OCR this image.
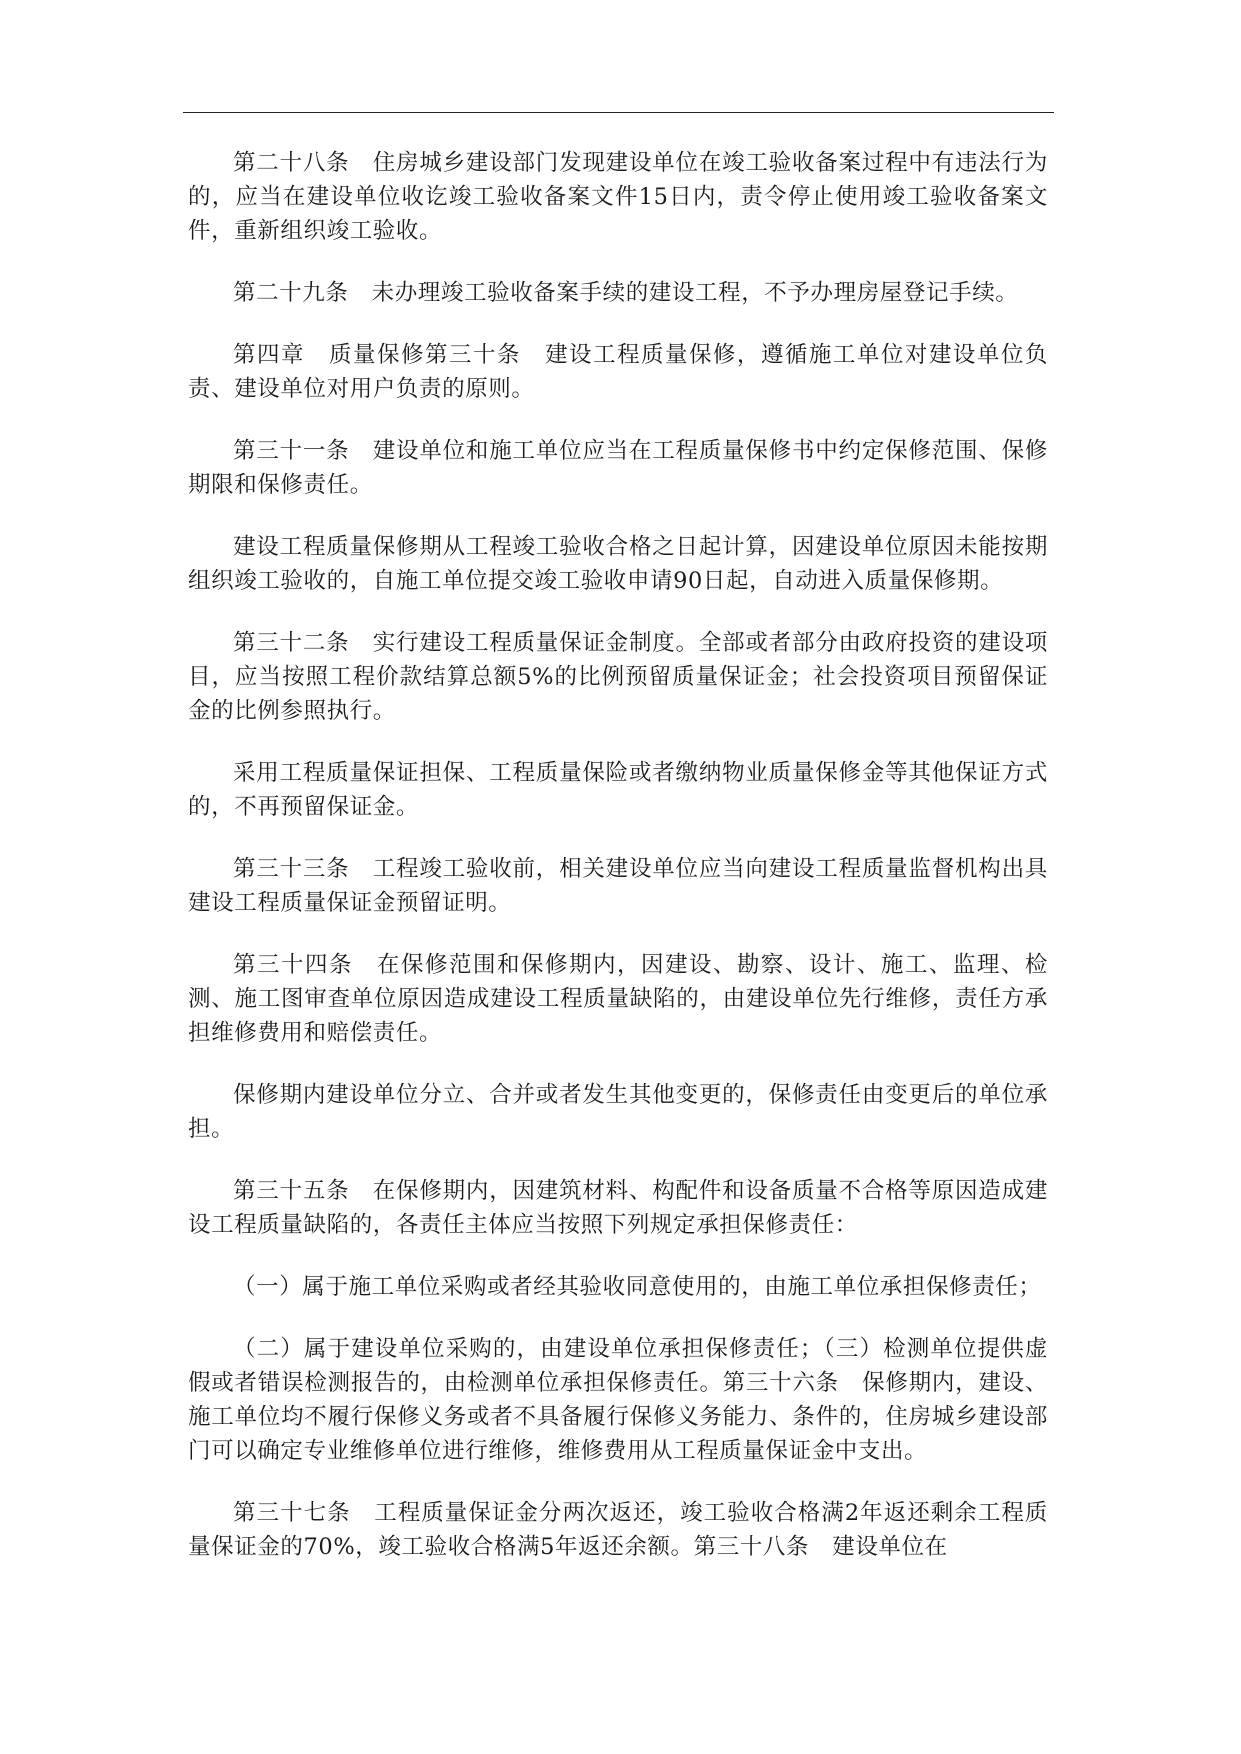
第二十八条　住房城乡建设部门发现建设单位在竣工验收备案过程中有违法行为的，应当在建设单位收讫竣工验收备案文件15日内，责令停止使用竣工验收备案文件，重新组织竣工验收。

第二十九条　未办理竣工验收备案手续的建设工程，不予办理房屋登记手续。

第四章　质量保修第三十条　建设工程质量保修，遵循施工单位对建设单位负责、建设单位对用户负责的原则。

第三十一条　建设单位和施工单位应当在工程质量保修书中约定保修范围、保修期限和保修责任。

建设工程质量保修期从工程竣工验收合格之日起计算，因建设单位原因未能按期组织竣工验收的，自施工单位提交竣工验收申请90日起，自动进入质量保修期。

第三十二条　实行建设工程质量保证金制度。全部或者部分由政府投资的建设项目，应当按照工程价款结算总额5%的比例预留质量保证金；社会投资项目预留保证金的比例参照执行。

采用工程质量保证担保、工程质量保险或者缴纳物业质量保修金等其他保证方式的，不再预留保证金。

第三十三条　工程竣工验收前，相关建设单位应当向建设工程质量监督机构出具建设工程质量保证金预留证明。

第三十四条　在保修范围和保修期内，因建设、勘察、设计、施工、监理、检测、施工图审查单位原因造成建设工程质量缺陷的，由建设单位先行维修，责任方承担维修费用和赔偿责任。

保修期内建设单位分立、合并或者发生其他变更的，保修责任由变更后的单位承担。

第三十五条　在保修期内，因建筑材料、构配件和设备质量不合格等原因造成建设工程质量缺陷的，各责任主体应当按照下列规定承担保修责任：

（一）属于施工单位采购或者经其验收同意使用的，由施工单位承担保修责任；

（二）属于建设单位采购的，由建设单位承担保修责任；（三）检测单位提供虚假或者错误检测报告的，由检测单位承担保修责任。第三十六条　保修期内，建设、施工单位均不履行保修义务或者不具备履行保修义务能力、条件的，住房城乡建设部门可以确定专业维修单位进行维修，维修费用从工程质量保证金中支出。

第三十七条　工程质量保证金分两次返还，竣工验收合格满2年返还剩余工程质量保证金的70%，竣工验收合格满5年返还余额。第三十八条　建设单位在
